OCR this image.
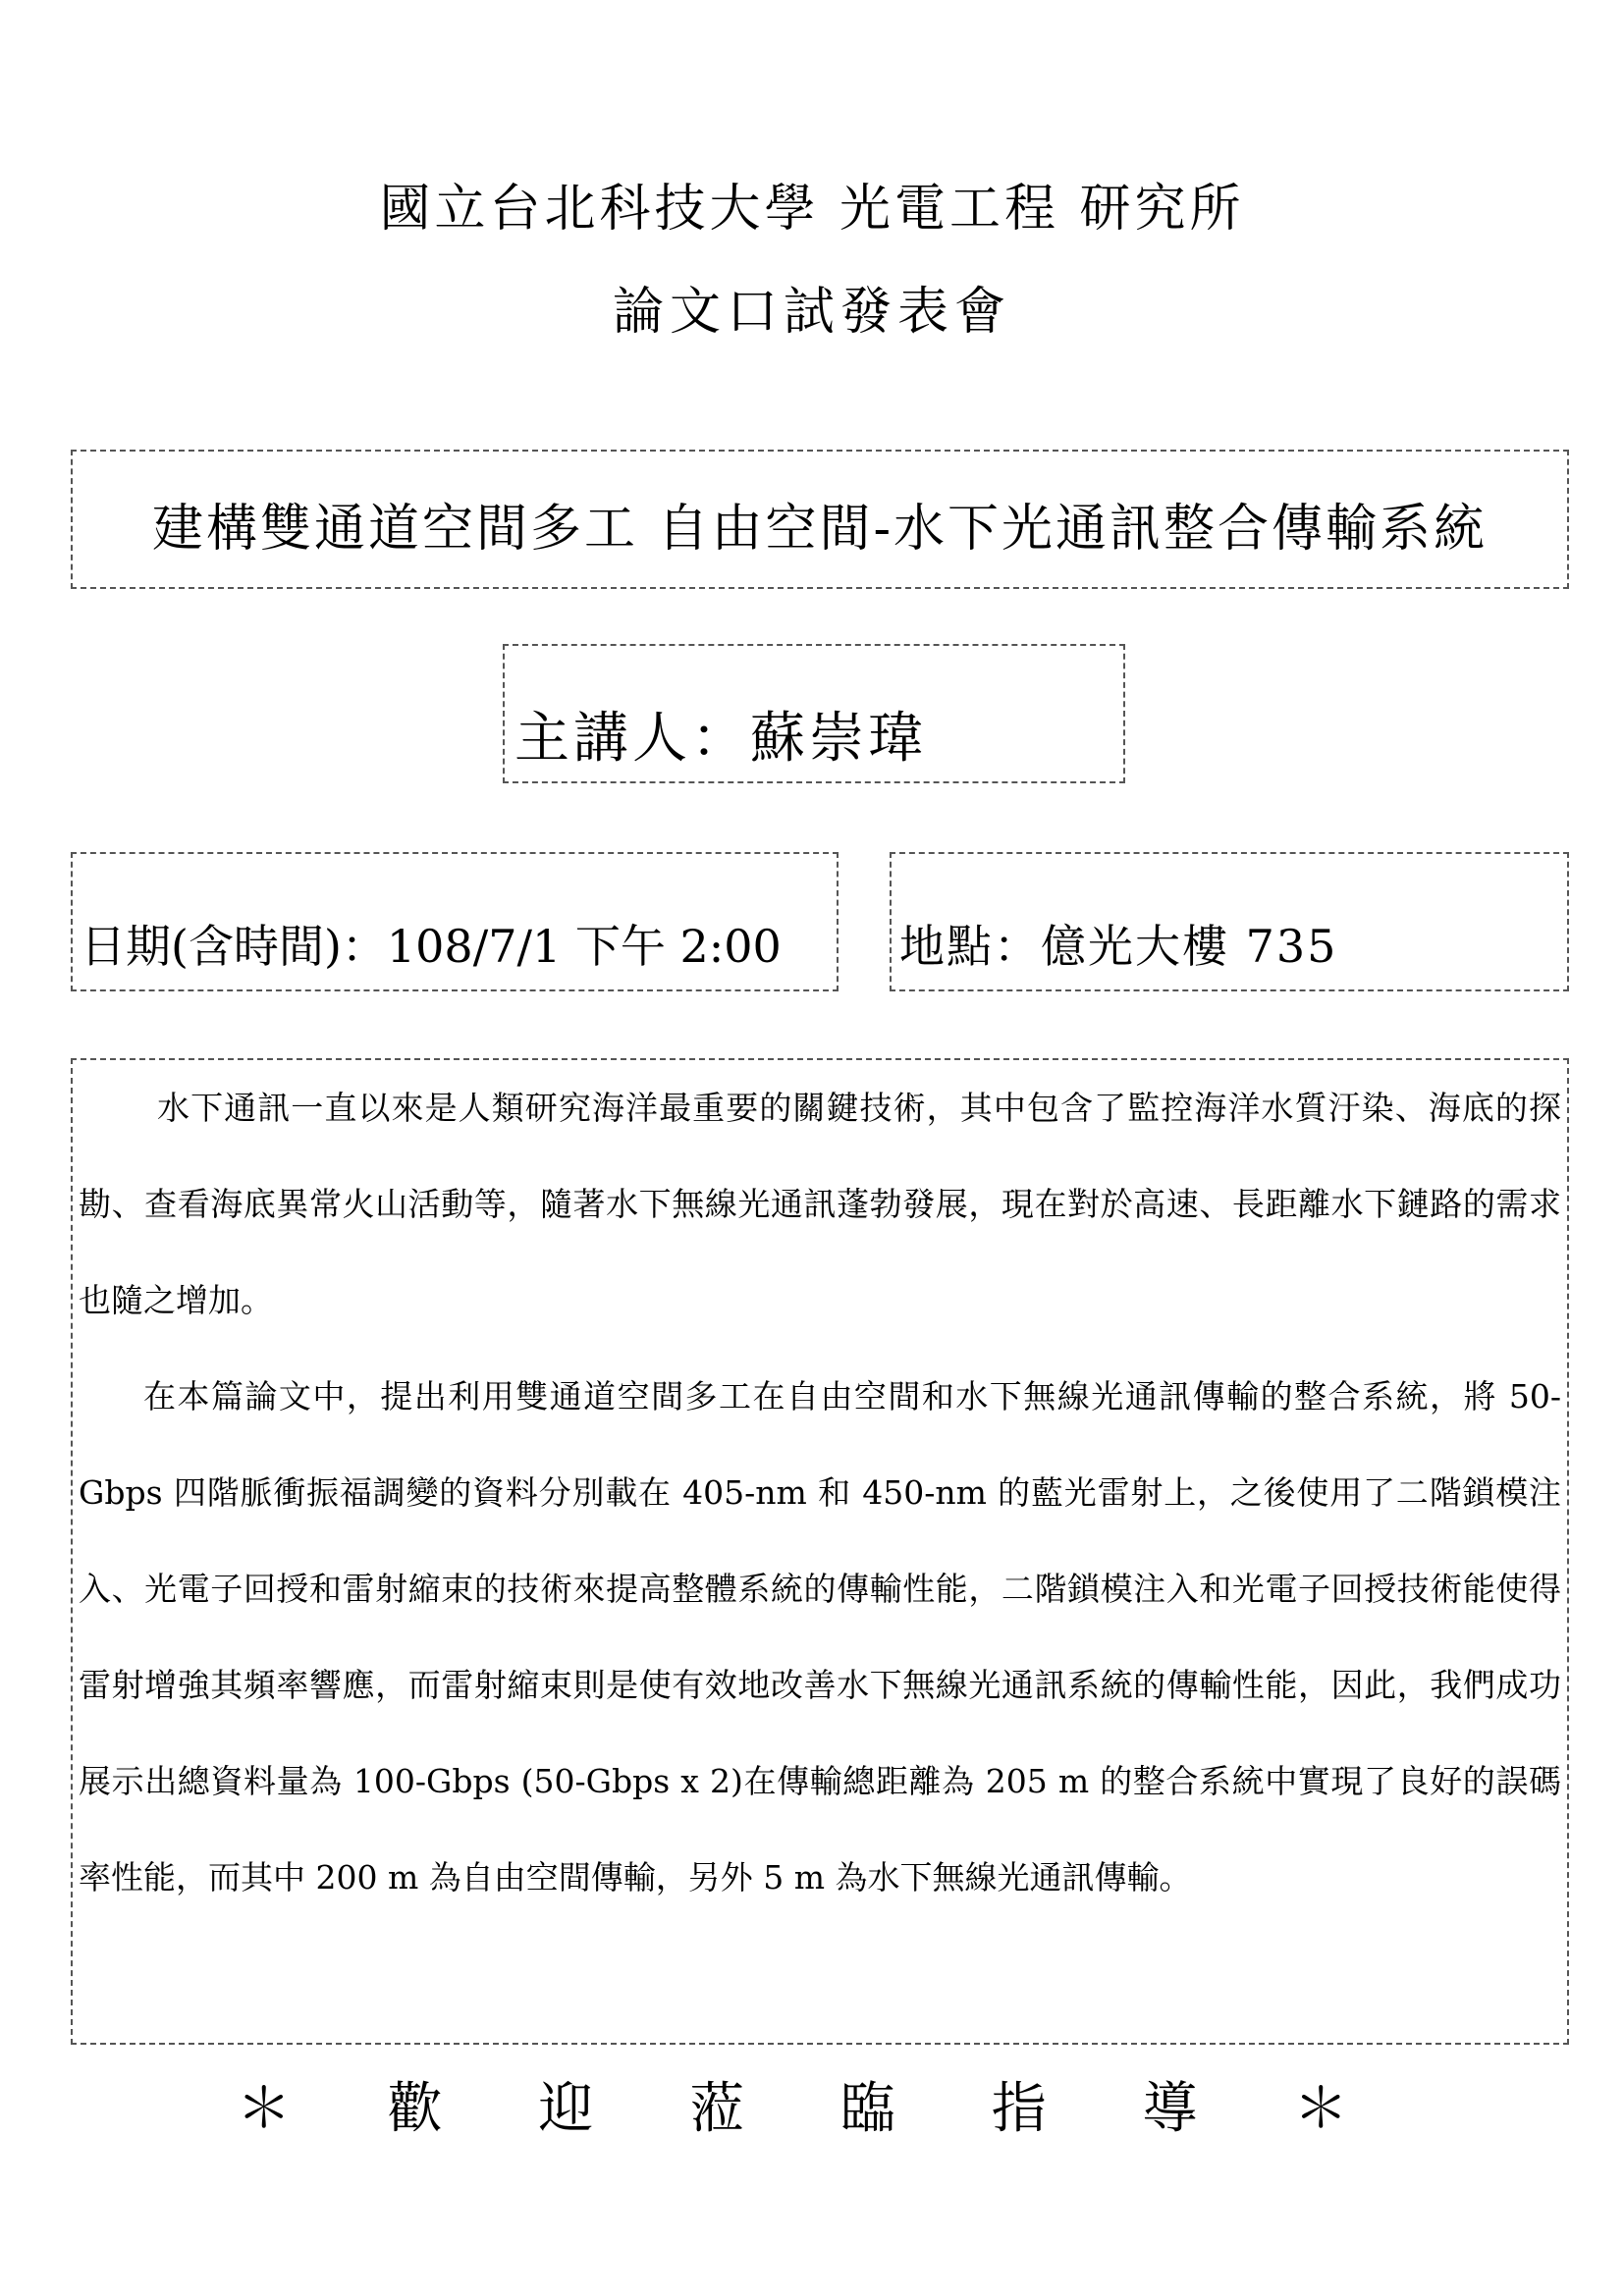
國立台北科技大學 光電工程 研究所
論文口試發表會
建構雙通道空間多工 自由空間-水下光通訊整合傳輸系統
主講人：蘇崇瑋
日期(含時間)：108/7/1 下午 2:00	地點：億光大樓 735
水下通訊一直以來是人類研究海洋最重要的關鍵技術，其中包含了監控海洋水質汙染、海底的探勘、查看海底異常火山活動等，隨著水下無線光通訊蓬勃發展，現在對於高速、長距離水下鏈路的需求也隨之增加。
在本篇論文中，提出利用雙通道空間多工在自由空間和水下無線光通訊傳輸的整合系統，將 50-Gbps 四階脈衝振福調變的資料分別載在 405-nm 和 450-nm 的藍光雷射上，之後使用了二階鎖模注入、光電子回授和雷射縮束的技術來提高整體系統的傳輸性能，二階鎖模注入和光電子回授技術能使得雷射增強其頻率響應，而雷射縮束則是使有效地改善水下無線光通訊系統的傳輸性能，因此，我們成功展示出總資料量為 100-Gbps (50-Gbps x 2)在傳輸總距離為 205 m 的整合系統中實現了良好的誤碼率性能，而其中 200 m 為自由空間傳輸，另外 5 m 為水下無線光通訊傳輸。
＊ 歡 迎 蒞 臨 指 導 ＊
